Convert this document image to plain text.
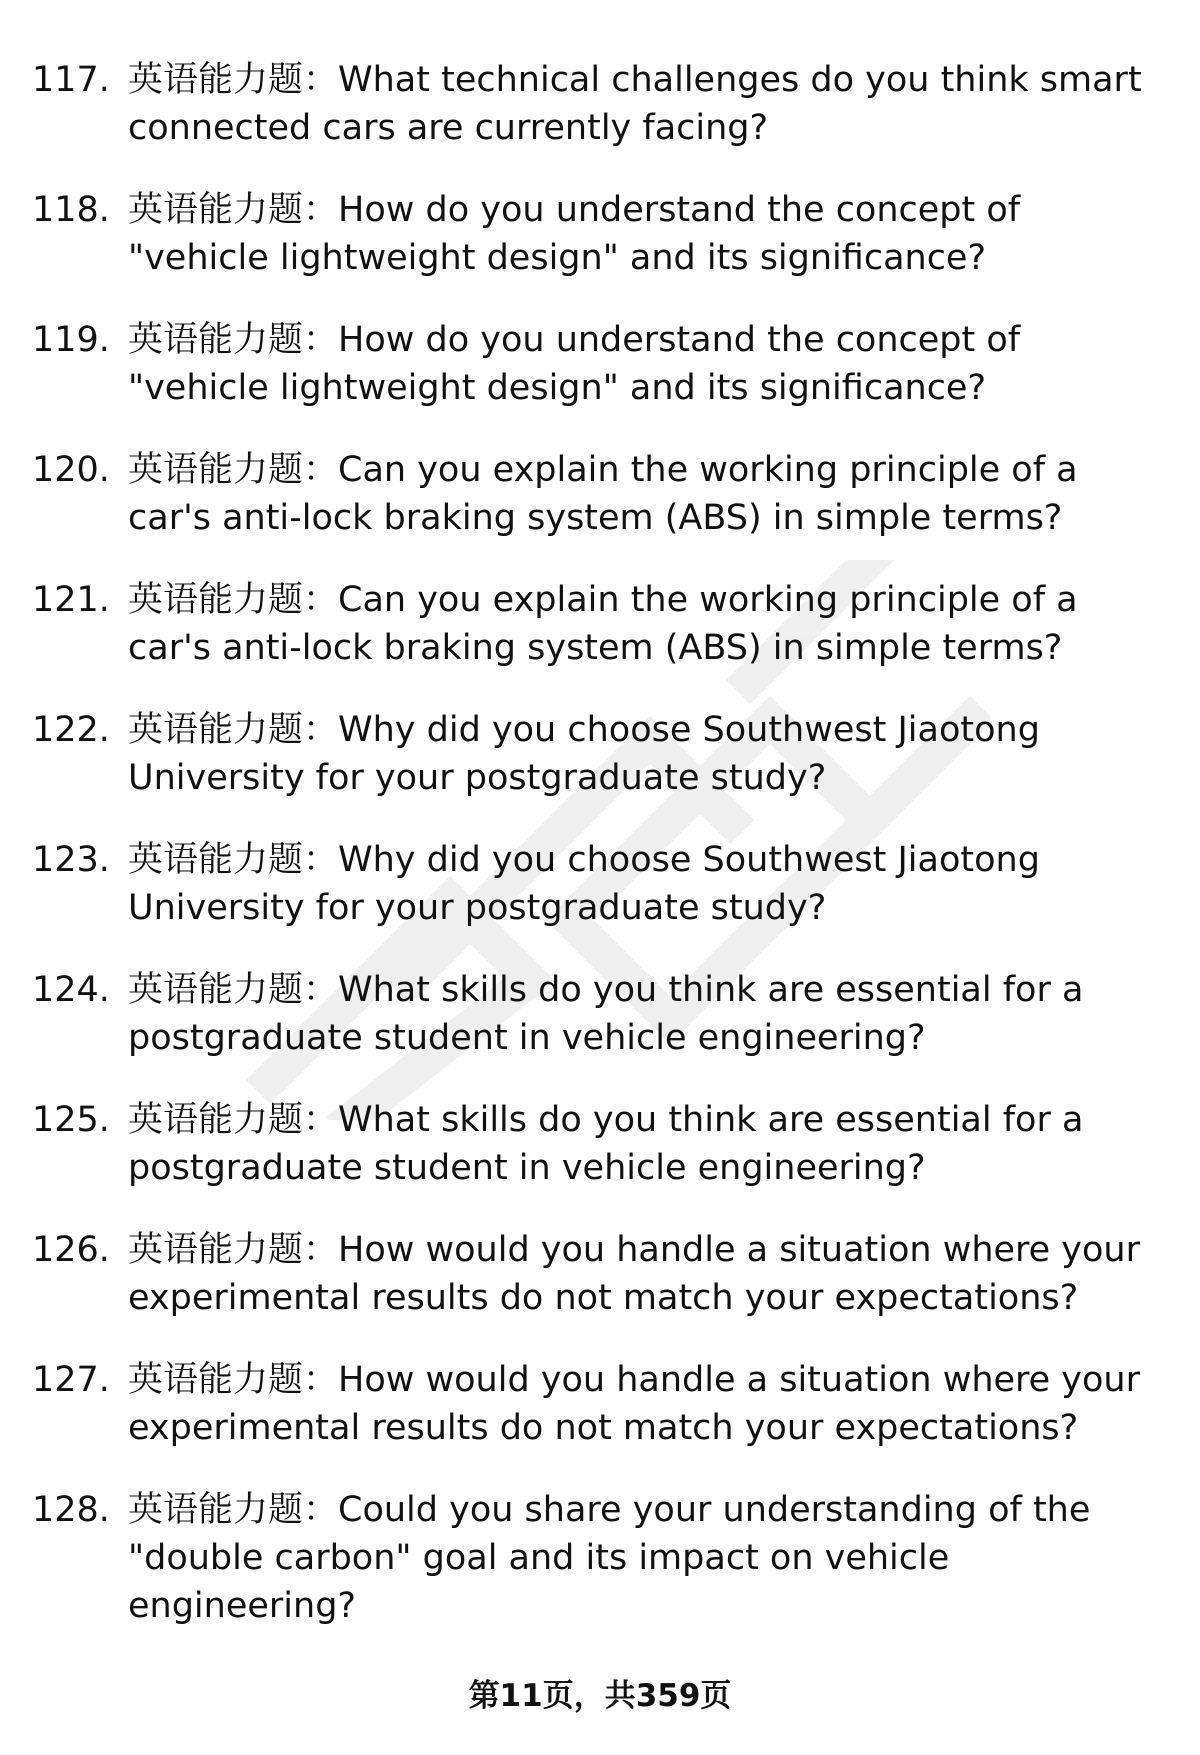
117. 英语能力题：What technical challenges do you think smart connected cars are currently facing?
118. 英语能力题：How do you understand the concept of "vehicle lightweight design" and its significance?
119. 英语能力题：How do you understand the concept of "vehicle lightweight design" and its significance?
120. 英语能力题：Can you explain the working principle of a car's anti-lock braking system (ABS) in simple terms?
121. 英语能力题：Can you explain the working principle of a car's anti-lock braking system (ABS) in simple terms?
122. 英语能力题：Why did you choose Southwest Jiaotong University for your postgraduate study?
123. 英语能力题：Why did you choose Southwest Jiaotong University for your postgraduate study?
124. 英语能力题：What skills do you think are essential for a postgraduate student in vehicle engineering?
125. 英语能力题：What skills do you think are essential for a postgraduate student in vehicle engineering?
126. 英语能力题：How would you handle a situation where your experimental results do not match your expectations?
127. 英语能力题：How would you handle a situation where your experimental results do not match your expectations?
128. 英语能力题：Could you share your understanding of the "double carbon" goal and its impact on vehicle engineering?
第11页，共359页
